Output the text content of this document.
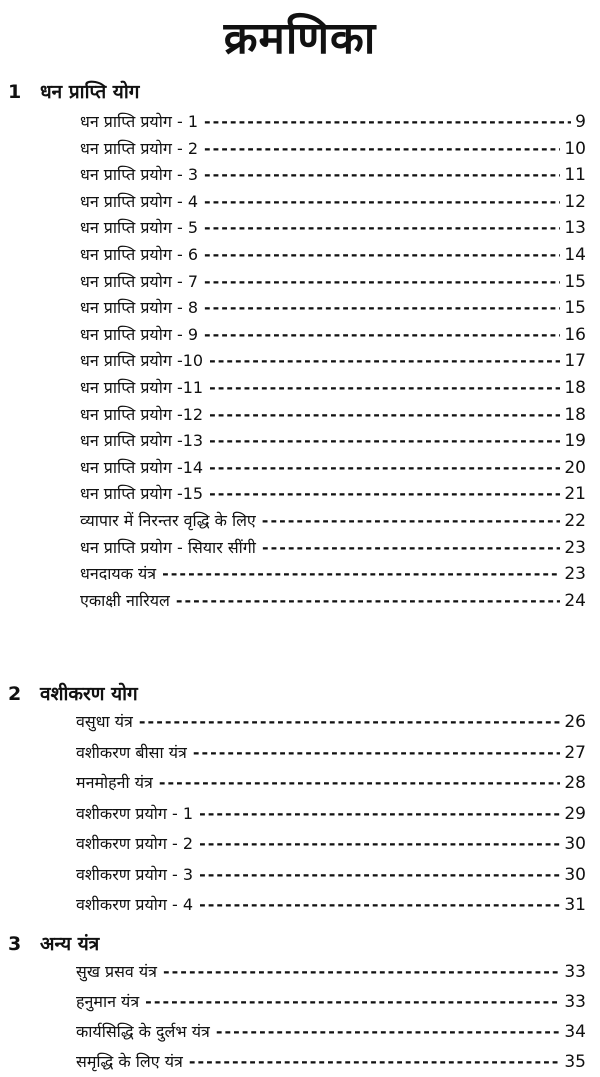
क्रमणिका
1 धन प्राप्ति योग
धन प्राप्ति प्रयोग - 1 -----	9
धन प्राप्ति प्रयोग - 2 -----	10
धन प्राप्ति प्रयोग - 3 -----	11
धन प्राप्ति प्रयोग - 4 -----	12
धन प्राप्ति प्रयोग - 5 -----	13
धन प्राप्ति प्रयोग - 6 -----	14
धन प्राप्ति प्रयोग - 7 -----	15
धन प्राप्ति प्रयोग - 8 -----	15
धन प्राप्ति प्रयोग - 9 -----	16
धन प्राप्ति प्रयोग -10 -----	17
धन प्राप्ति प्रयोग -11 -----	18
धन प्राप्ति प्रयोग -12 -----	18
धन प्राप्ति प्रयोग -13 -----	19
धन प्राप्ति प्रयोग -14 -----	20
धन प्राप्ति प्रयोग -15 -----	21
व्यापार में निरन्तर वृद्धि के लिए -----	22
धन प्राप्ति प्रयोग - सियार सींगी -----	23
धनदायक यंत्र -----	23
एकाक्षी नारियल -----	24
2 वशीकरण योग
वसुधा यंत्र -----	26
वशीकरण बीसा यंत्र -----	27
मनमोहनी यंत्र -----	28
वशीकरण प्रयोग - 1 -----	29
वशीकरण प्रयोग - 2 -----	30
वशीकरण प्रयोग - 3 -----	30
वशीकरण प्रयोग - 4 -----	31
3 अन्य यंत्र
सुख प्रसव यंत्र -----	33
हनुमान यंत्र -----	33
कार्यसिद्धि के दुर्लभ यंत्र -----	34
समृद्धि के लिए यंत्र -----	35
